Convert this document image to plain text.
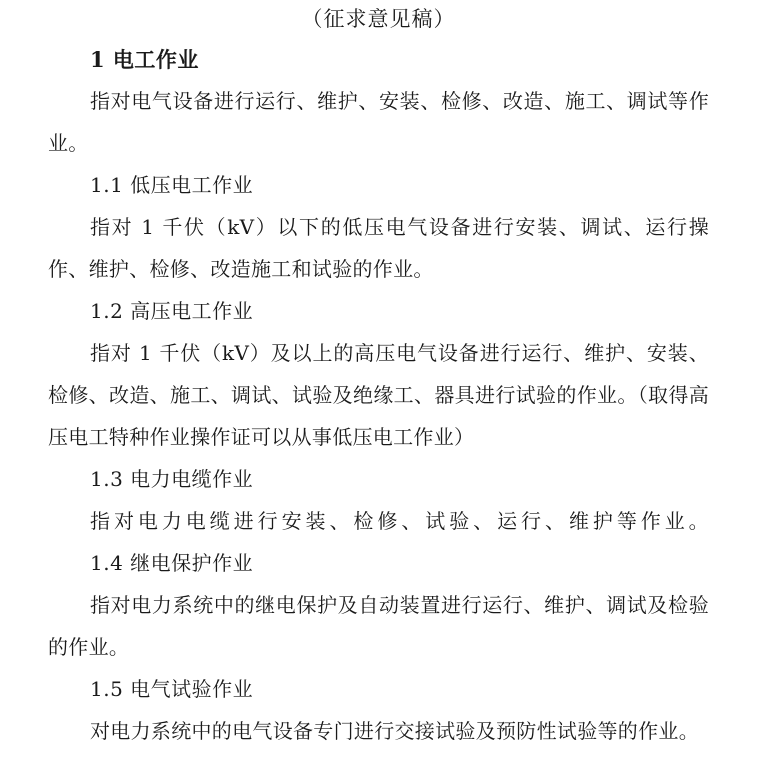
（征求意见稿）
1 电工作业
指对电气设备进行运行、维护、安装、检修、改造、施工、调试等作业。
1.1 低压电工作业
指对 1 千伏（kV）以下的低压电气设备进行安装、调试、运行操作、维护、检修、改造施工和试验的作业。
1.2 高压电工作业
指对 1 千伏（kV）及以上的高压电气设备进行运行、维护、安装、检修、改造、施工、调试、试验及绝缘工、器具进行试验的作业。（取得高压电工特种作业操作证可以从事低压电工作业）
1.3 电力电缆作业
指对电力电缆进行安装、检修、试验、运行、维护等作业。
1.4 继电保护作业
指对电力系统中的继电保护及自动装置进行运行、维护、调试及检验的作业。
1.5 电气试验作业
对电力系统中的电气设备专门进行交接试验及预防性试验等的作业。
